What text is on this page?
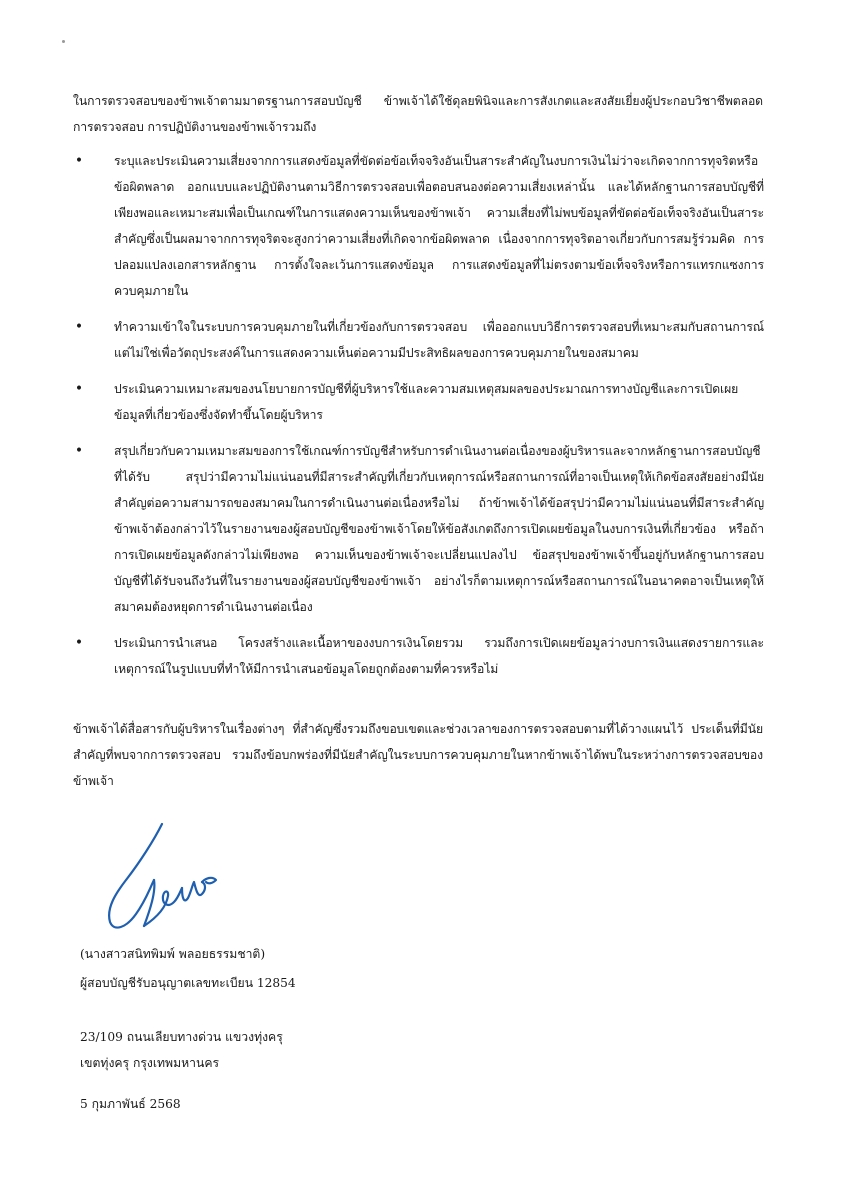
ในการตรวจสอบของข้าพเจ้าตามมาตรฐานการสอบบัญชี ข้าพเจ้าได้ใช้ดุลยพินิจและการสังเกตและสงสัยเยี่ยงผู้ประกอบวิชาชีพตลอดการตรวจสอบ การปฏิบัติงานของข้าพเจ้ารวมถึง

•	ระบุและประเมินความเสี่ยงจากการแสดงข้อมูลที่ขัดต่อข้อเท็จจริงอันเป็นสาระสำคัญในงบการเงินไม่ว่าจะเกิดจากการทุจริตหรือข้อผิดพลาด ออกแบบและปฏิบัติงานตามวิธีการตรวจสอบเพื่อตอบสนองต่อความเสี่ยงเหล่านั้น และได้หลักฐานการสอบบัญชีที่เพียงพอและเหมาะสมเพื่อเป็นเกณฑ์ในการแสดงความเห็นของข้าพเจ้า ความเสี่ยงที่ไม่พบข้อมูลที่ขัดต่อข้อเท็จจริงอันเป็นสาระสำคัญซึ่งเป็นผลมาจากการทุจริตจะสูงกว่าความเสี่ยงที่เกิดจากข้อผิดพลาด เนื่องจากการทุจริตอาจเกี่ยวกับการสมรู้ร่วมคิด การปลอมแปลงเอกสารหลักฐาน การตั้งใจละเว้นการแสดงข้อมูล การแสดงข้อมูลที่ไม่ตรงตามข้อเท็จจริงหรือการแทรกแซงการควบคุมภายใน
•	ทำความเข้าใจในระบบการควบคุมภายในที่เกี่ยวข้องกับการตรวจสอบ เพื่อออกแบบวิธีการตรวจสอบที่เหมาะสมกับสถานการณ์ แต่ไม่ใช่เพื่อวัตถุประสงค์ในการแสดงความเห็นต่อความมีประสิทธิผลของการควบคุมภายในของสมาคม
•	ประเมินความเหมาะสมของนโยบายการบัญชีที่ผู้บริหารใช้และความสมเหตุสมผลของประมาณการทางบัญชีและการเปิดเผยข้อมูลที่เกี่ยวข้องซึ่งจัดทำขึ้นโดยผู้บริหาร
•	สรุปเกี่ยวกับความเหมาะสมของการใช้เกณฑ์การบัญชีสำหรับการดำเนินงานต่อเนื่องของผู้บริหารและจากหลักฐานการสอบบัญชีที่ได้รับ สรุปว่ามีความไม่แน่นอนที่มีสาระสำคัญที่เกี่ยวกับเหตุการณ์หรือสถานการณ์ที่อาจเป็นเหตุให้เกิดข้อสงสัยอย่างมีนัยสำคัญต่อความสามารถของสมาคมในการดำเนินงานต่อเนื่องหรือไม่ ถ้าข้าพเจ้าได้ข้อสรุปว่ามีความไม่แน่นอนที่มีสาระสำคัญ ข้าพเจ้าต้องกล่าวไว้ในรายงานของผู้สอบบัญชีของข้าพเจ้าโดยให้ข้อสังเกตถึงการเปิดเผยข้อมูลในงบการเงินที่เกี่ยวข้อง หรือถ้าการเปิดเผยข้อมูลดังกล่าวไม่เพียงพอ ความเห็นของข้าพเจ้าจะเปลี่ยนแปลงไป ข้อสรุปของข้าพเจ้าขึ้นอยู่กับหลักฐานการสอบบัญชีที่ได้รับจนถึงวันที่ในรายงานของผู้สอบบัญชีของข้าพเจ้า อย่างไรก็ตามเหตุการณ์หรือสถานการณ์ในอนาคตอาจเป็นเหตุให้สมาคมต้องหยุดการดำเนินงานต่อเนื่อง
•	ประเมินการนำเสนอ โครงสร้างและเนื้อหาของงบการเงินโดยรวม รวมถึงการเปิดเผยข้อมูลว่างบการเงินแสดงรายการและเหตุการณ์ในรูปแบบที่ทำให้มีการนำเสนอข้อมูลโดยถูกต้องตามที่ควรหรือไม่

ข้าพเจ้าได้สื่อสารกับผู้บริหารในเรื่องต่างๆ ที่สำคัญซึ่งรวมถึงขอบเขตและช่วงเวลาของการตรวจสอบตามที่ได้วางแผนไว้ ประเด็นที่มีนัยสำคัญที่พบจากการตรวจสอบ รวมถึงข้อบกพร่องที่มีนัยสำคัญในระบบการควบคุมภายในหากข้าพเจ้าได้พบในระหว่างการตรวจสอบของข้าพเจ้า

(นางสาวสนิทพิมพ์ พลอยธรรมชาติ)

ผู้สอบบัญชีรับอนุญาตเลขทะเบียน 12854

23/109 ถนนเลียบทางด่วน แขวงทุ่งครุ

เขตทุ่งครุ กรุงเทพมหานคร

5 กุมภาพันธ์ 2568
